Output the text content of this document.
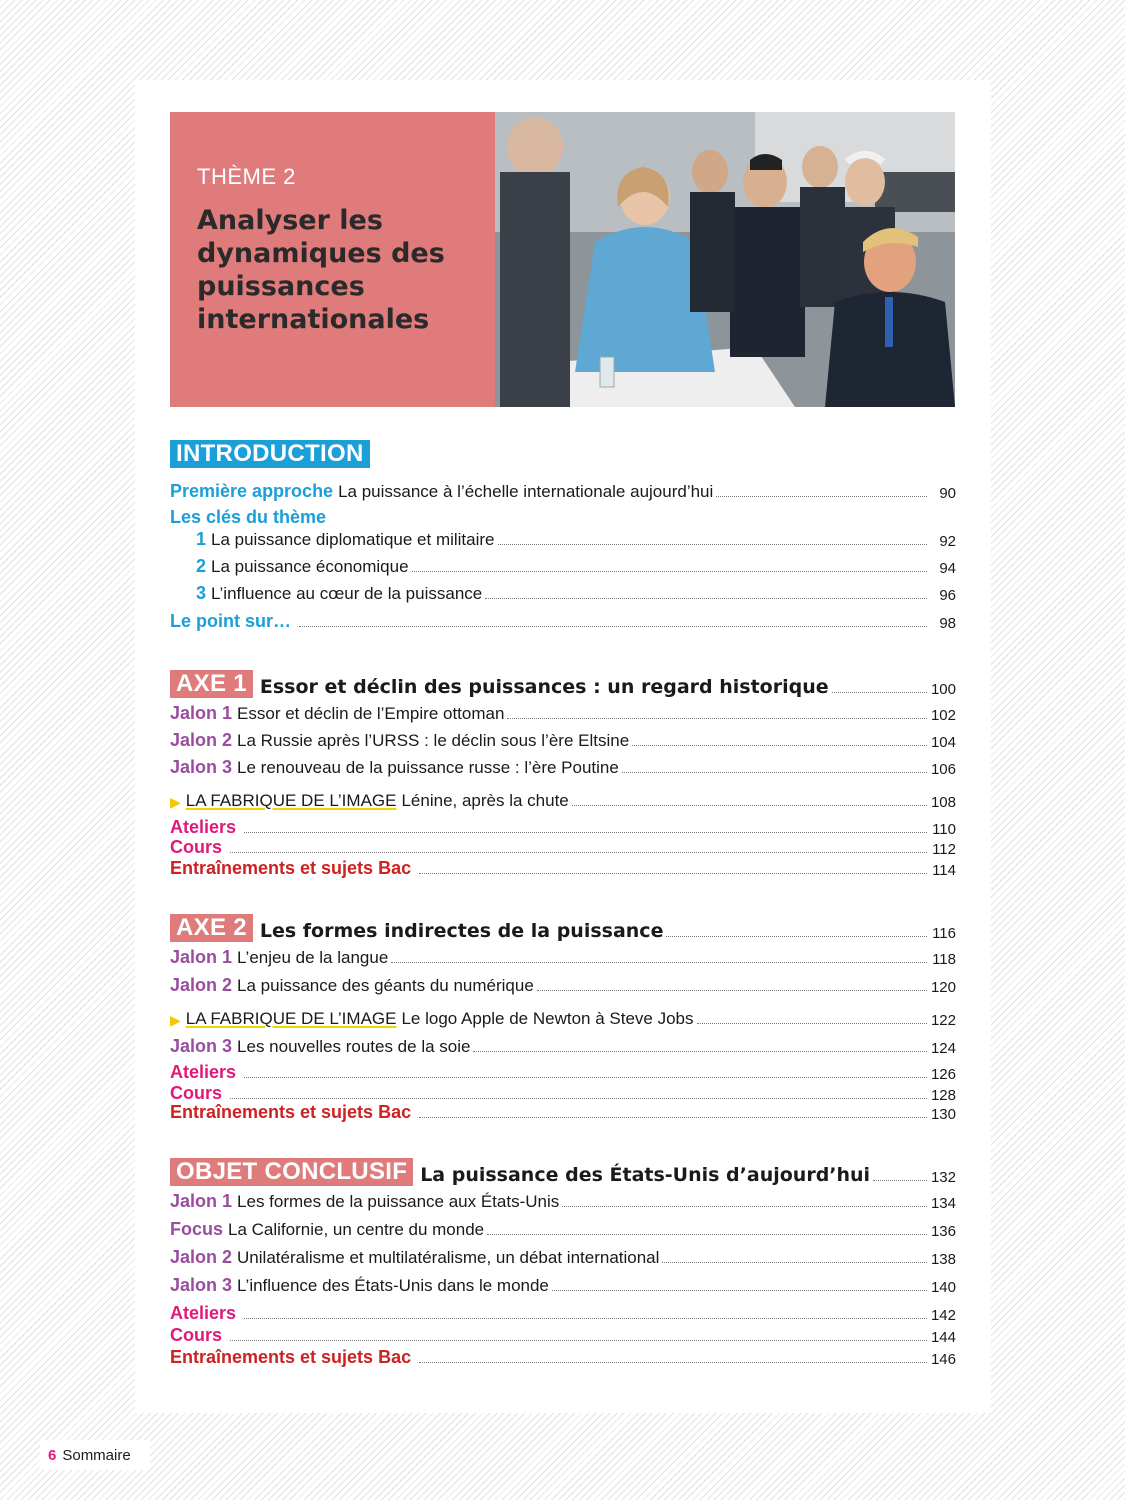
THÈME 2
Analyser les dynamiques des puissances internationales
INTRODUCTION
Première approche La puissance à l’échelle internationale aujourd’hui	90
Les clés du thème
1 La puissance diplomatique et militaire	92
2 La puissance économique	94
3 L’influence au cœur de la puissance	96
Le point sur…	98
AXE 1 Essor et déclin des puissances : un regard historique	100
Jalon 1 Essor et déclin de l’Empire ottoman	102
Jalon 2 La Russie après l’URSS : le déclin sous l’ère Eltsine	104
Jalon 3 Le renouveau de la puissance russe : l’ère Poutine	106
▶ LA FABRIQUE DE L’IMAGE Lénine, après la chute	108
Ateliers	110
Cours	112
Entraînements et sujets Bac	114
AXE 2 Les formes indirectes de la puissance	116
Jalon 1 L’enjeu de la langue	118
Jalon 2 La puissance des géants du numérique	120
▶ LA FABRIQUE DE L’IMAGE Le logo Apple de Newton à Steve Jobs	122
Jalon 3 Les nouvelles routes de la soie	124
Ateliers	126
Cours	128
Entraînements et sujets Bac	130
OBJET CONCLUSIF La puissance des États-Unis d’aujourd’hui	132
Jalon 1 Les formes de la puissance aux États-Unis	134
Focus La Californie, un centre du monde	136
Jalon 2 Unilatéralisme et multilatéralisme, un débat international	138
Jalon 3 L’influence des États-Unis dans le monde	140
Ateliers	142
Cours	144
Entraînements et sujets Bac	146
6 Sommaire
